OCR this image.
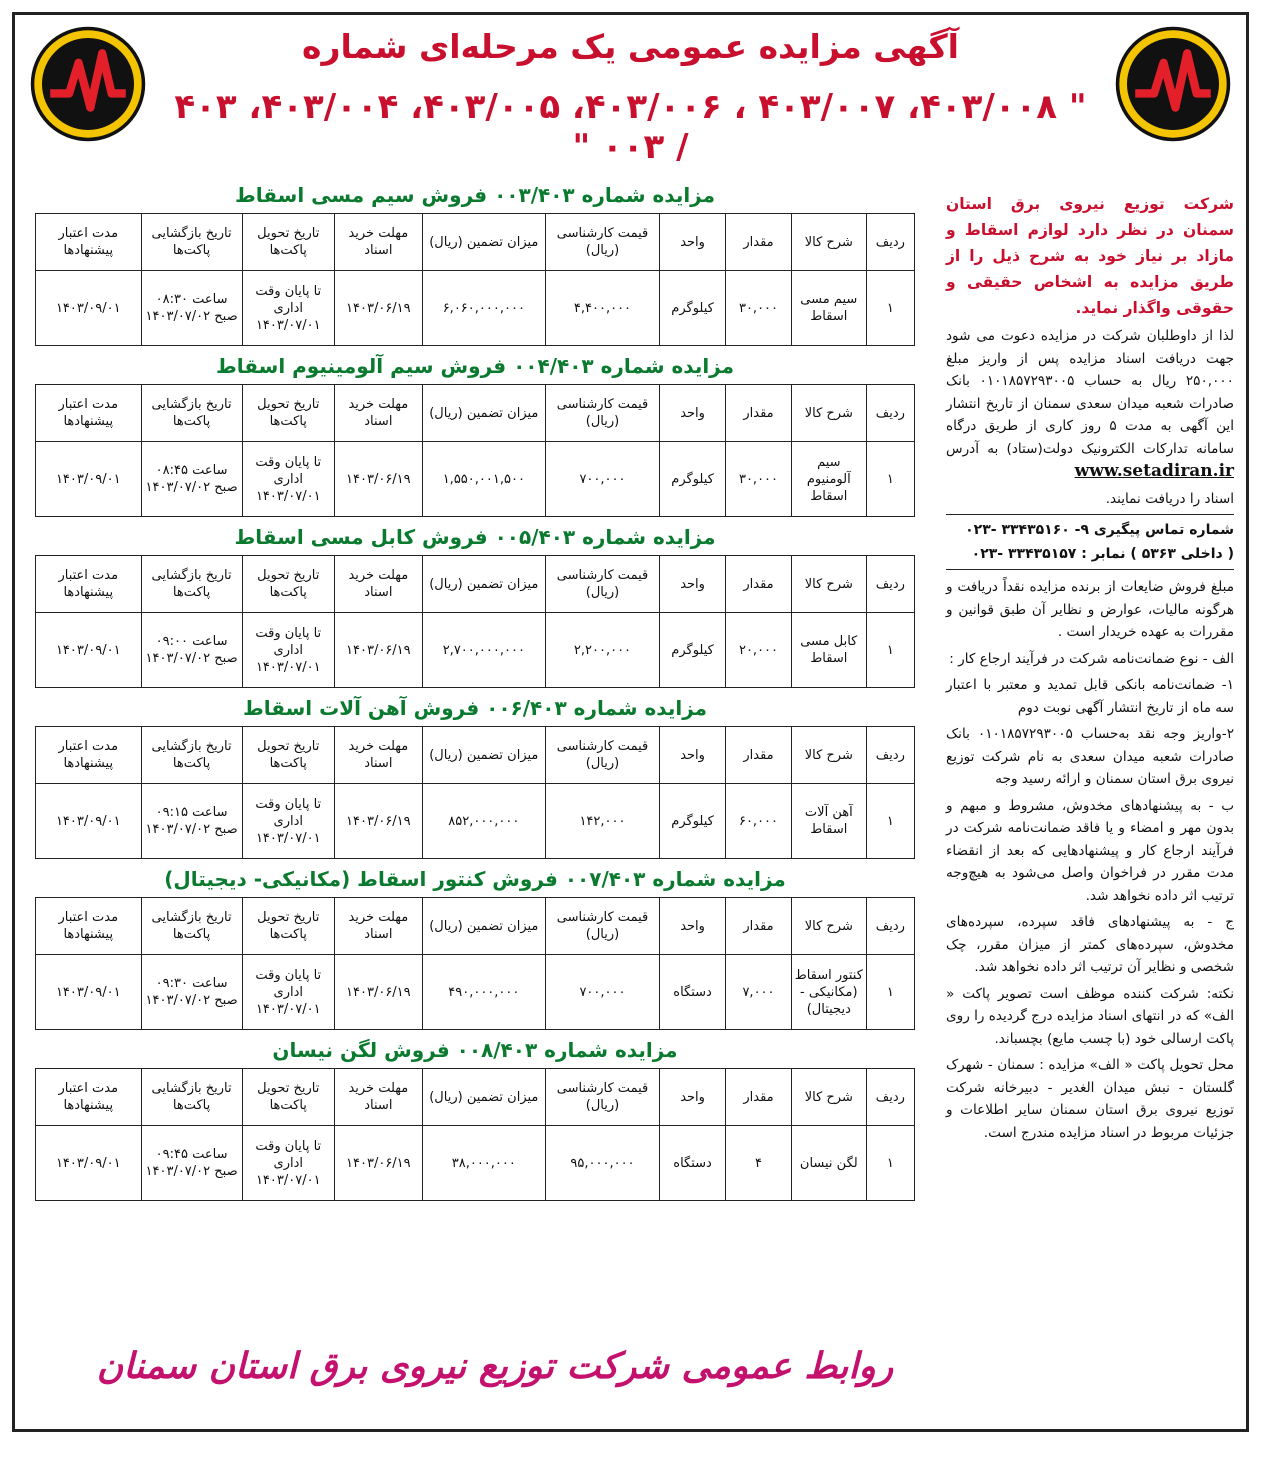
آگهی مزایده عمومی یک مرحله‌ای شماره
" ۴۰۳/۰۰۸، ۴۰۳/۰۰۷ ، ۴۰۳/۰۰۶، ۴۰۳/۰۰۵، ۴۰۳/۰۰۴، ۴۰۳ / ۰۰۳ "
شرکت توزیع نیروی برق استان سمنان در نظر دارد لوازم اسقاط و مازاد بر نیاز خود به شرح ذیل را از طریق مزایده به اشخاص حقیقی و حقوقی واگذار نماید.

لذا از داوطلبان شرکت در مزایده دعوت می شود جهت دریافت اسناد مزایده پس از واریز مبلغ ۲۵۰,۰۰۰ ریال به حساب ۰۱۰۱۸۵۷۲۹۳۰۰۵ بانک صادرات شعبه میدان سعدی سمنان از تاریخ انتشار این آگهی به مدت ۵ روز کاری از طریق درگاه سامانه تدارکات الکترونیک دولت(ستاد) به آدرس www.setadiran.ir

اسناد را دریافت نمایند.

شماره تماس پیگیری ۹- ۳۳۴۳۵۱۶۰ -۰۲۳
( داخلی ۵۳۶۳ ) نمابر : ۳۳۴۳۵۱۵۷ -۰۲۳

مبلغ فروش ضایعات از برنده مزایده نقداً دریافت و هرگونه مالیات، عوارض و نظایر آن طبق قوانین و مقررات به عهده خریدار است .

الف - نوع ضمانت‌نامه شرکت در فرآیند ارجاع کار :

۱- ضمانت‌نامه بانکی قابل تمدید و معتبر با اعتبار سه ماه از تاریخ انتشار آگهی نوبت دوم

۲-واریز وجه نقد به‌حساب ۰۱۰۱۸۵۷۲۹۳۰۰۵ بانک صادرات شعبه میدان سعدی به نام شرکت توزیع نیروی برق استان سمنان و ارائه رسید وجه

ب - به پیشنهادهای مخدوش، مشروط و مبهم و بدون مهر و امضاء و یا فاقد ضمانت‌نامه شرکت در فرآیند ارجاع کار و پیشنهادهایی که بعد از انقضاء مدت مقرر در فراخوان واصل می‌شود به هیچ‌وجه ترتیب اثر داده نخواهد شد.

ج - به پیشنهادهای فاقد سپرده، سپرده‌های مخدوش، سپرده‌های کمتر از میزان مقرر، چک شخصی و نظایر آن ترتیب اثر داده نخواهد شد.

نکته: شرکت کننده موظف است تصویر پاکت « الف» که در انتهای اسناد مزایده درج گردیده را روی پاکت ارسالی خود (با چسب مایع) بچسباند.

محل تحویل پاکت « الف» مزایده : سمنان - شهرک گلستان - نبش میدان الغدیر - دبیرخانه شرکت توزیع نیروی برق استان سمنان سایر اطلاعات و جزئیات مربوط در اسناد مزایده مندرج است.

مزایده شماره ۰۰۳/۴۰۳ فروش سیم مسی اسقاط
ردیف	شرح کالا	مقدار	واحد	قیمت کارشناسی (ریال)	میزان تضمین (ریال)	مهلت خرید اسناد	تاریخ تحویل پاکت‌ها	تاریخ بازگشایی پاکت‌ها	مدت اعتبار پیشنهادها
۱	سیم مسی اسقاط	۳۰,۰۰۰	کیلوگرم	۴,۴۰۰,۰۰۰	۶,۰۶۰,۰۰۰,۰۰۰	۱۴۰۳/۰۶/۱۹	تا پایان وقت اداری ۱۴۰۳/۰۷/۰۱	ساعت ۰۸:۳۰ صبح ۱۴۰۳/۰۷/۰۲	۱۴۰۳/۰۹/۰۱
مزایده شماره ۰۰۴/۴۰۳ فروش سیم آلومینیوم اسقاط
ردیف	شرح کالا	مقدار	واحد	قیمت کارشناسی (ریال)	میزان تضمین (ریال)	مهلت خرید اسناد	تاریخ تحویل پاکت‌ها	تاریخ بازگشایی پاکت‌ها	مدت اعتبار پیشنهادها
۱	سیم آلومنیوم اسقاط	۳۰,۰۰۰	کیلوگرم	۷۰۰,۰۰۰	۱,۵۵۰,۰۰۱,۵۰۰	۱۴۰۳/۰۶/۱۹	تا پایان وقت اداری ۱۴۰۳/۰۷/۰۱	ساعت ۰۸:۴۵ صبح ۱۴۰۳/۰۷/۰۲	۱۴۰۳/۰۹/۰۱
مزایده شماره ۰۰۵/۴۰۳ فروش کابل مسی اسقاط
ردیف	شرح کالا	مقدار	واحد	قیمت کارشناسی (ریال)	میزان تضمین (ریال)	مهلت خرید اسناد	تاریخ تحویل پاکت‌ها	تاریخ بازگشایی پاکت‌ها	مدت اعتبار پیشنهادها
۱	کابل مسی اسقاط	۲۰,۰۰۰	کیلوگرم	۲,۲۰۰,۰۰۰	۲,۷۰۰,۰۰۰,۰۰۰	۱۴۰۳/۰۶/۱۹	تا پایان وقت اداری ۱۴۰۳/۰۷/۰۱	ساعت ۰۹:۰۰ صبح ۱۴۰۳/۰۷/۰۲	۱۴۰۳/۰۹/۰۱
مزایده شماره ۰۰۶/۴۰۳ فروش آهن آلات اسقاط
ردیف	شرح کالا	مقدار	واحد	قیمت کارشناسی (ریال)	میزان تضمین (ریال)	مهلت خرید اسناد	تاریخ تحویل پاکت‌ها	تاریخ بازگشایی پاکت‌ها	مدت اعتبار پیشنهادها
۱	آهن آلات اسقاط	۶۰,۰۰۰	کیلوگرم	۱۴۲,۰۰۰	۸۵۲,۰۰۰,۰۰۰	۱۴۰۳/۰۶/۱۹	تا پایان وقت اداری ۱۴۰۳/۰۷/۰۱	ساعت ۰۹:۱۵ صبح ۱۴۰۳/۰۷/۰۲	۱۴۰۳/۰۹/۰۱
مزایده شماره ۰۰۷/۴۰۳ فروش کنتور اسقاط (مکانیکی- دیجیتال)
ردیف	شرح کالا	مقدار	واحد	قیمت کارشناسی (ریال)	میزان تضمین (ریال)	مهلت خرید اسناد	تاریخ تحویل پاکت‌ها	تاریخ بازگشایی پاکت‌ها	مدت اعتبار پیشنهادها
۱	کنتور اسقاط (مکانیکی - دیجیتال)	۷,۰۰۰	دستگاه	۷۰۰,۰۰۰	۴۹۰,۰۰۰,۰۰۰	۱۴۰۳/۰۶/۱۹	تا پایان وقت اداری ۱۴۰۳/۰۷/۰۱	ساعت ۰۹:۳۰ صبح ۱۴۰۳/۰۷/۰۲	۱۴۰۳/۰۹/۰۱
مزایده شماره ۰۰۸/۴۰۳ فروش لگن نیسان
ردیف	شرح کالا	مقدار	واحد	قیمت کارشناسی (ریال)	میزان تضمین (ریال)	مهلت خرید اسناد	تاریخ تحویل پاکت‌ها	تاریخ بازگشایی پاکت‌ها	مدت اعتبار پیشنهادها
۱	لگن نیسان	۴	دستگاه	۹۵,۰۰۰,۰۰۰	۳۸,۰۰۰,۰۰۰	۱۴۰۳/۰۶/۱۹	تا پایان وقت اداری ۱۴۰۳/۰۷/۰۱	ساعت ۰۹:۴۵ صبح ۱۴۰۳/۰۷/۰۲	۱۴۰۳/۰۹/۰۱
روابط عمومی شرکت توزیع نیروی برق استان سمنان
